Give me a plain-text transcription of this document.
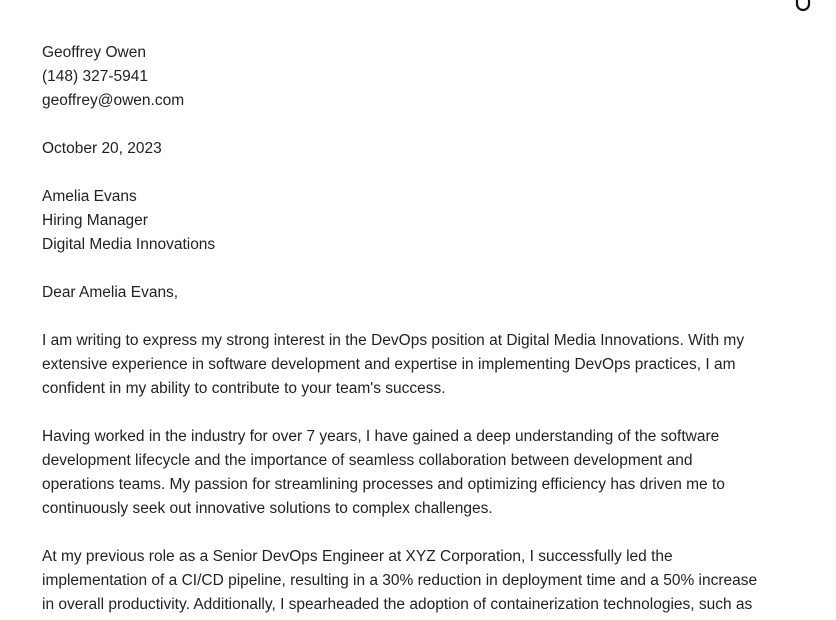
Geoffrey Owen
(148) 327-5941
geoffrey@owen.com
October 20, 2023
Amelia Evans
Hiring Manager
Digital Media Innovations
Dear Amelia Evans,

I am writing to express my strong interest in the DevOps position at Digital Media Innovations. With my
extensive experience in software development and expertise in implementing DevOps practices, I am
confident in my ability to contribute to your team's success.

Having worked in the industry for over 7 years, I have gained a deep understanding of the software
development lifecycle and the importance of seamless collaboration between development and
operations teams. My passion for streamlining processes and optimizing efficiency has driven me to
continuously seek out innovative solutions to complex challenges.

At my previous role as a Senior DevOps Engineer at XYZ Corporation, I successfully led the
implementation of a CI/CD pipeline, resulting in a 30% reduction in deployment time and a 50% increase
in overall productivity. Additionally, I spearheaded the adoption of containerization technologies, such as
